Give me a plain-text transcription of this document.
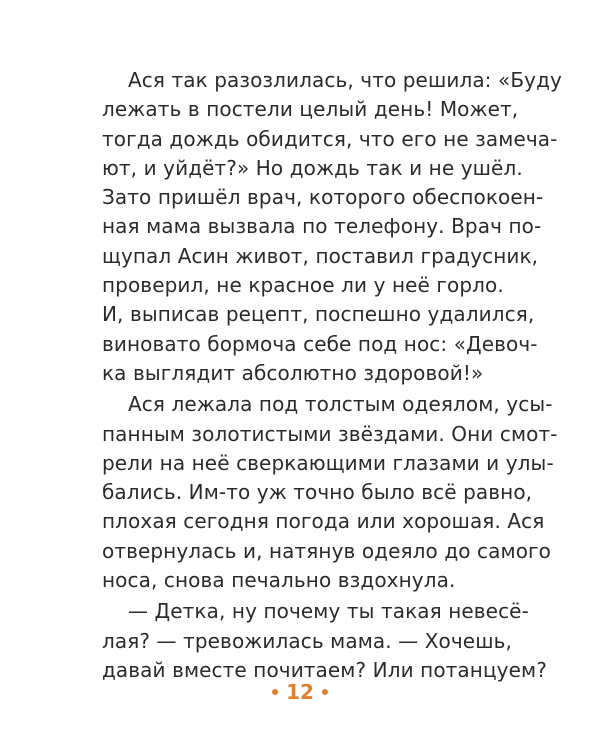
Ася так разозлилась, что решила: «Буду
лежать в постели целый день! Может,
тогда дождь обидится, что его не замеча-
ют, и уйдёт?» Но дождь так и не ушёл.
Зато пришёл врач, которого обеспокоен-
ная мама вызвала по телефону. Врач по-
щупал Асин живот, поставил градусник,
проверил, не красное ли у неё горло.
И, выписав рецепт, поспешно удалился,
виновато бормоча себе под нос: «Девоч-
ка выглядит абсолютно здоровой!»
Ася лежала под толстым одеялом, усы-
панным золотистыми звёздами. Они смот-
рели на неё сверкающими глазами и улы-
бались. Им-то уж точно было всё равно,
плохая сегодня погода или хорошая. Ася
отвернулась и, натянув одеяло до самого
носа, снова печально вздохнула.
— Детка, ну почему ты такая невесё-
лая? — тревожилась мама. — Хочешь,
давай вместе почитаем? Или потанцуем?
12
